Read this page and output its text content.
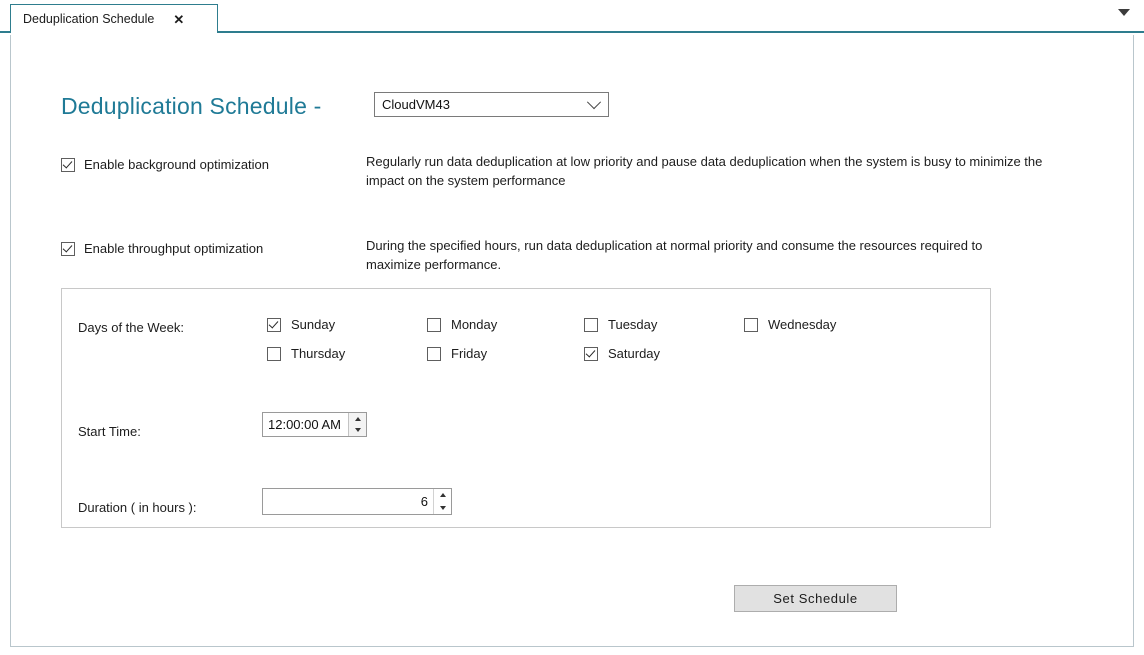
Deduplication Schedule ✕
Deduplication Schedule -	CloudVM43
Enable background optimization	Regularly run data deduplication at low priority and pause data deduplication when the system is busy to minimize the impact on the system performance
Enable throughput optimization	During the specified hours, run data deduplication at normal priority and consume the resources required to maximize performance.
Days of the Week:	Sunday	Monday	Tuesday	Wednesday
Thursday	Friday	Saturday
Start Time:	12:00:00 AM
Duration ( in hours ):	6
Set Schedule
